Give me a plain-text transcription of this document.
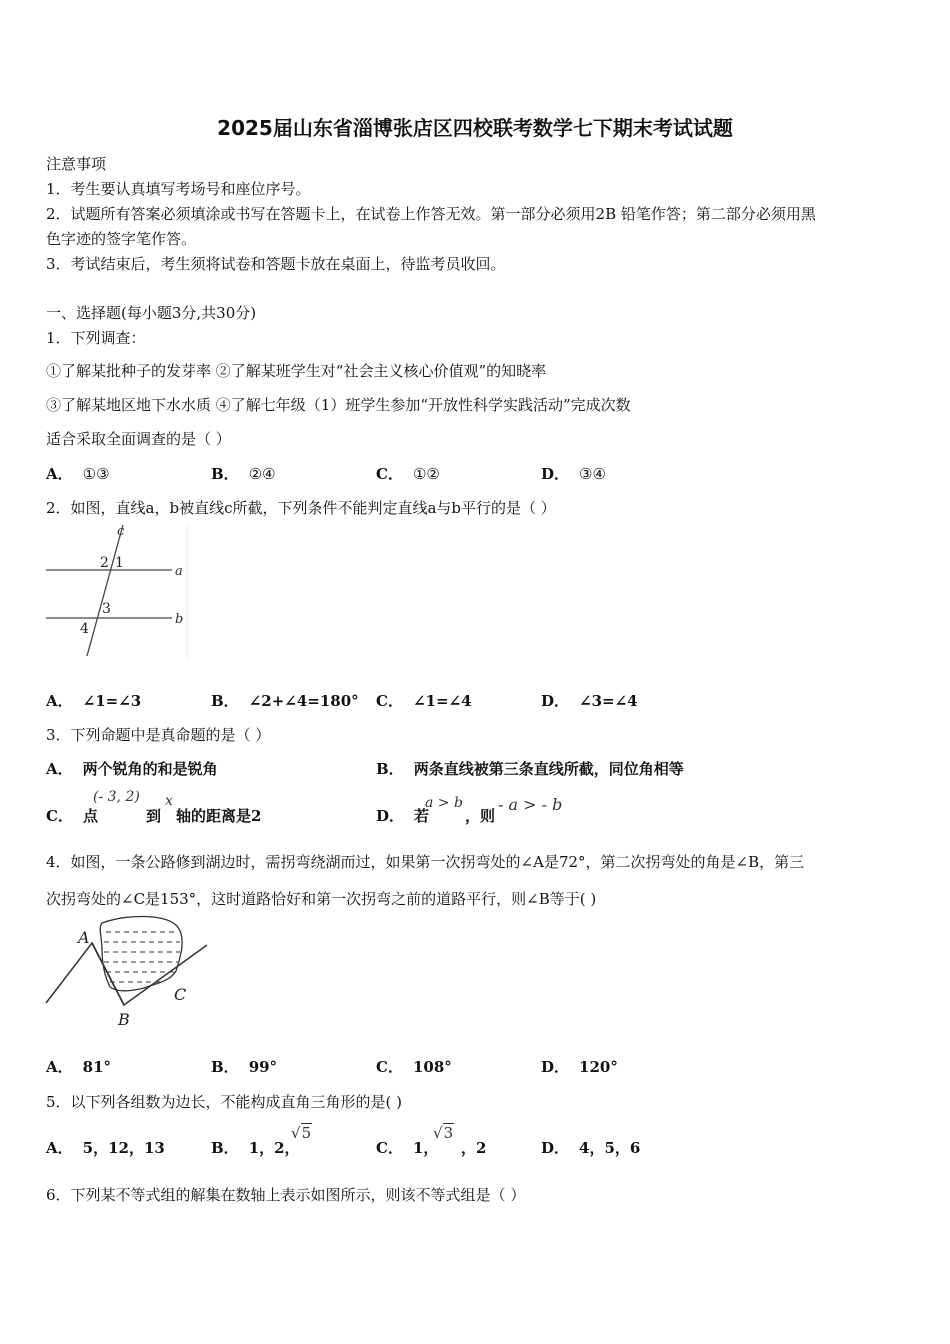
2025届山东省淄博张店区四校联考数学七下期末考试试题
注意事项
1．考生要认真填写考场号和座位序号。
2．试题所有答案必须填涂或书写在答题卡上，在试卷上作答无效。第一部分必须用2B 铅笔作答；第二部分必须用黑
色字迹的签字笔作答。
3．考试结束后，考生须将试卷和答题卡放在桌面上，待监考员收回。
一、选择题(每小题3分,共30分)
1．下列调查：
①了解某批种子的发芽率 ②了解某班学生对“社会主义核心价值观”的知晓率
③了解某地区地下水水质 ④了解七年级（1）班学生参加“开放性科学实践活动”完成次数
适合采取全面调查的是（ ）
A． ①③	B． ②④	C． ①②	D． ③④
2．如图，直线a，b被直线c所截，下列条件不能判定直线a与b平行的是（ ）
c
a
b
2 1
3
4
A． ∠1=∠3	B． ∠2+∠4=180° C． ∠1=∠4	D． ∠3=∠4
3．下列命题中是真命题的是（ ）
A． 两个锐角的和是锐角	B． 两条直线被第三条直线所截，同位角相等
C． 点
(- 3, 2)
到
x
轴的距离是2	D． 若
a > b
，则
- a > - b
4．如图，一条公路修到湖边时，需拐弯绕湖而过，如果第一次拐弯处的∠A是72°，第二次拐弯处的角是∠B，第三
次拐弯处的∠C是153°，这时道路恰好和第一次拐弯之前的道路平行，则∠B等于( )
A
B
C
A． 81°	B． 99°	C． 108°	D． 120°
5．以下列各组数为边长，不能构成直角三角形的是( )
A． 5，12，13	B． 1，2，
√5
C． 1，
√3
，2	D． 4，5，6
6．下列某不等式组的解集在数轴上表示如图所示，则该不等式组是（ ）
